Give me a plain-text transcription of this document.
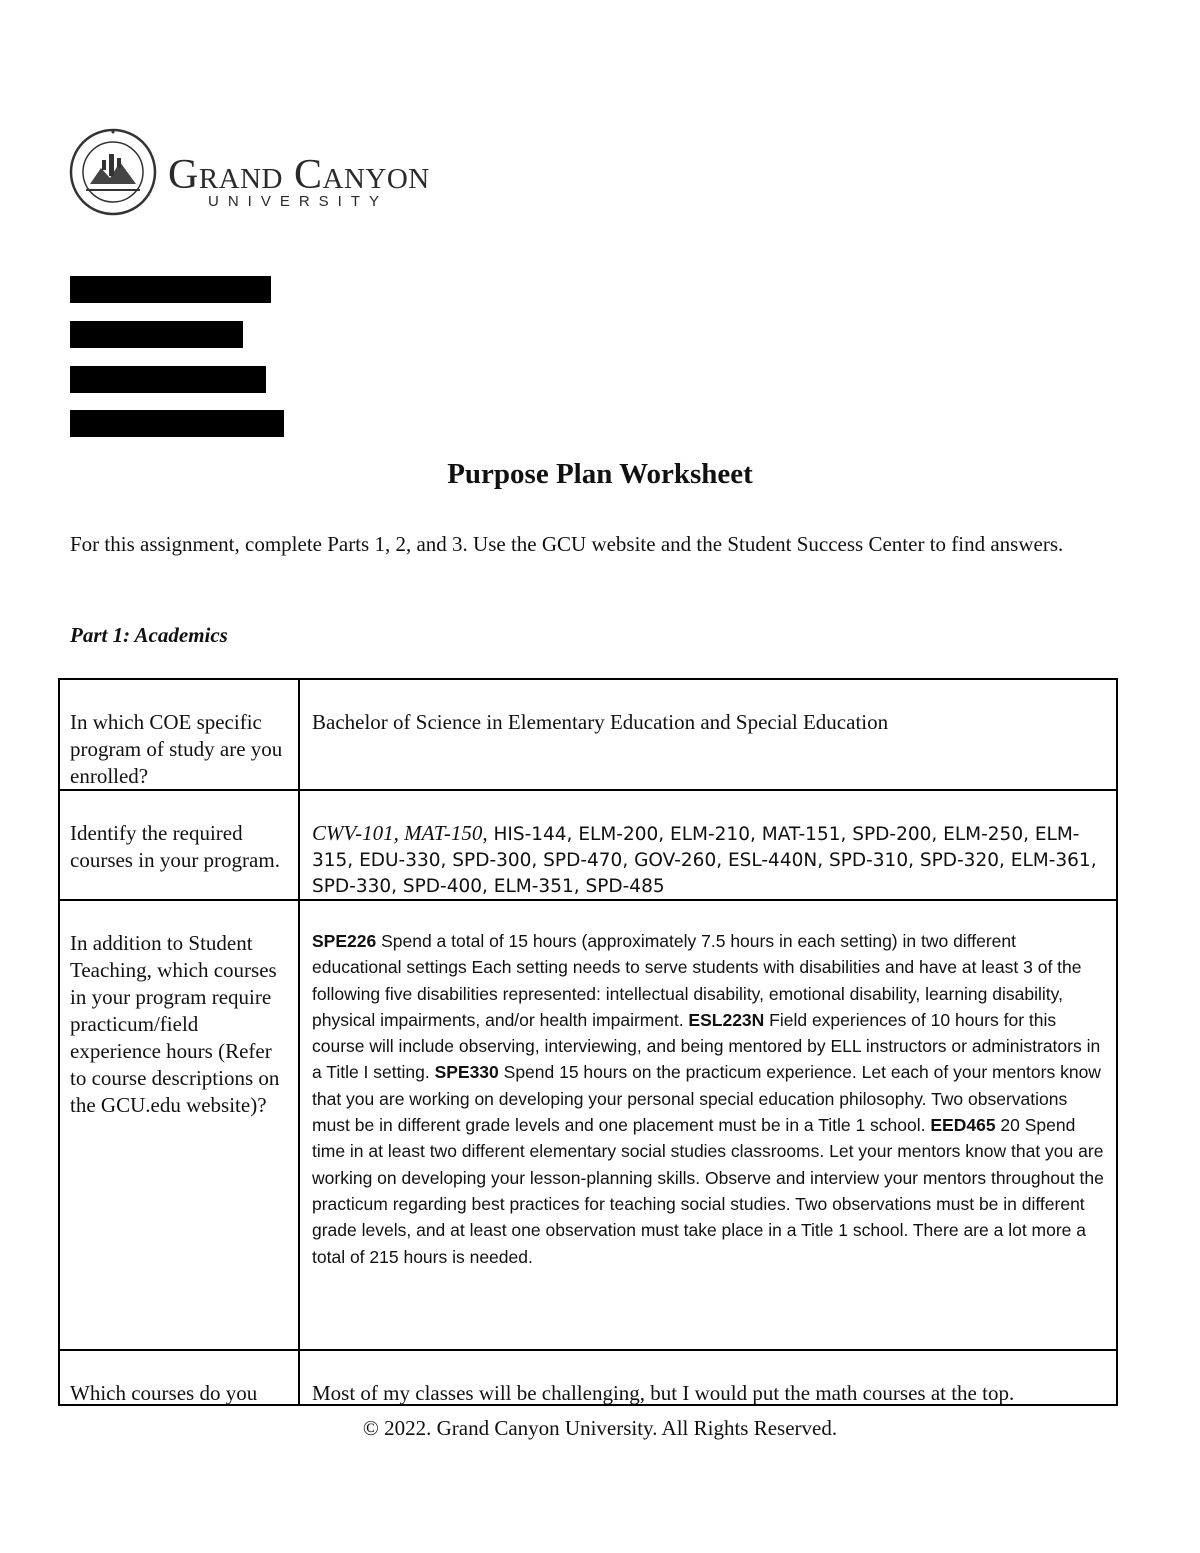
Grand Canyon
UNIVERSITY
Purpose Plan Worksheet
For this assignment, complete Parts 1, 2, and 3. Use the GCU website and the Student Success Center to find answers.
Part 1: Academics
In which COE specific program of study are you enrolled?
Bachelor of Science in Elementary Education and Special Education
Identify the required courses in your program.
CWV-101, MAT-150, HIS-144, ELM-200, ELM-210, MAT-151, SPD-200, ELM-250, ELM-315, EDU-330, SPD-300, SPD-470, GOV-260, ESL-440N, SPD-310, SPD-320, ELM-361, SPD-330, SPD-400, ELM-351, SPD-485
In addition to Student Teaching, which courses in your program require practicum/field experience hours (Refer to course descriptions on the GCU.edu website)?
SPE226 Spend a total of 15 hours (approximately 7.5 hours in each setting) in two different educational settings Each setting needs to serve students with disabilities and have at least 3 of the following five disabilities represented: intellectual disability, emotional disability, learning disability, physical impairments, and/or health impairment. ESL223N Field experiences of 10 hours for this course will include observing, interviewing, and being mentored by ELL instructors or administrators in a Title I setting. SPE330 Spend 15 hours on the practicum experience. Let each of your mentors know that you are working on developing your personal special education philosophy. Two observations must be in different grade levels and one placement must be in a Title 1 school. EED465 20 Spend time in at least two different elementary social studies classrooms. Let your mentors know that you are working on developing your lesson-planning skills. Observe and interview your mentors throughout the practicum regarding best practices for teaching social studies. Two observations must be in different grade levels, and at least one observation must take place in a Title 1 school. There are a lot more a total of 215 hours is needed.
Which courses do you	Most of my classes will be challenging, but I would put the math courses at the top.
© 2022. Grand Canyon University. All Rights Reserved.
